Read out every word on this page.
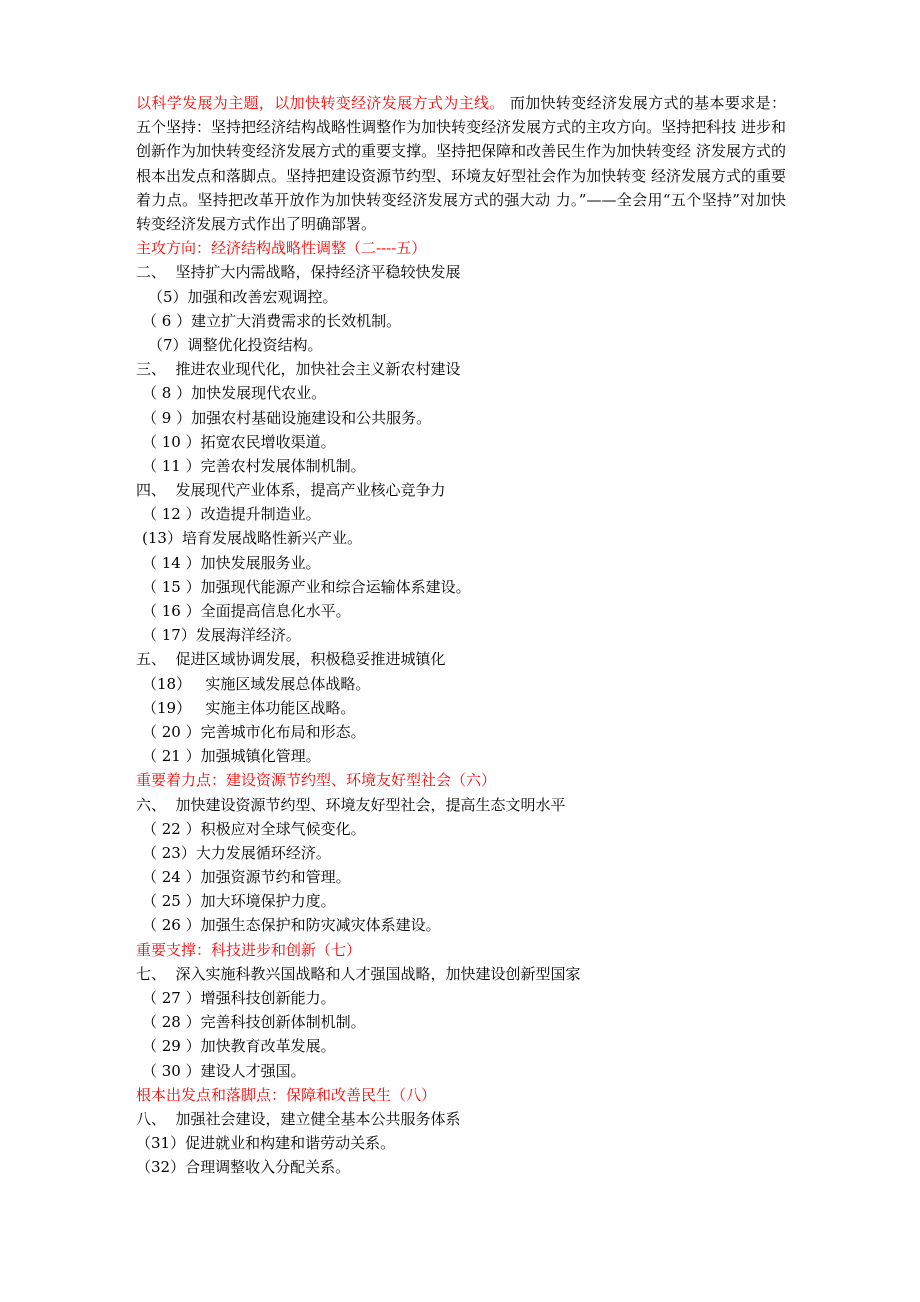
以科学发展为主题，以加快转变经济发展方式为主线。 而加快转变经济发展方式的基本要求是： 五个坚持：坚持把经济结构战略性调整作为加快转变经济发展方式的主攻方向。坚持把科技 进步和创新作为加快转变经济发展方式的重要支撑。坚持把保障和改善民生作为加快转变经 济发展方式的根本出发点和落脚点。坚持把建设资源节约型、环境友好型社会作为加快转变 经济发展方式的重要着力点。坚持把改革开放作为加快转变经济发展方式的强大动 力。”——全会用“五个坚持”对加快转变经济发展方式作出了明确部署。

主攻方向：经济结构战略性调整（二----五）
二、  坚持扩大内需战略，保持经济平稳较快发展
（5）加强和改善宏观调控。
（ 6 ）建立扩大消费需求的长效机制。
（7）调整优化投资结构。
三、  推进农业现代化，加快社会主义新农村建设
（ 8 ）加快发展现代农业。
（ 9 ）加强农村基础设施建设和公共服务。
（ 10 ）拓宽农民增收渠道。
（ 11 ）完善农村发展体制机制。
四、  发展现代产业体系，提高产业核心竞争力
（ 12 ）改造提升制造业。
(13）培育发展战略性新兴产业。
（ 14 ）加快发展服务业。
（ 15 ）加强现代能源产业和综合运输体系建设。
（ 16 ）全面提高信息化水平。
（ 17）发展海洋经济。
五、  促进区域协调发展，积极稳妥推进城镇化
（18）   实施区域发展总体战略。
（19）   实施主体功能区战略。
（ 20 ）完善城市化布局和形态。
（ 21 ）加强城镇化管理。
重要着力点：建设资源节约型、环境友好型社会（六）
六、  加快建设资源节约型、环境友好型社会，提高生态文明水平
（ 22 ）积极应对全球气候变化。
（ 23）大力发展循环经济。
（ 24 ）加强资源节约和管理。
（ 25 ）加大环境保护力度。
（ 26 ）加强生态保护和防灾减灾体系建设。
重要支撑：科技进步和创新（七）
七、  深入实施科教兴国战略和人才强国战略，加快建设创新型国家
（ 27 ）增强科技创新能力。
（ 28 ）完善科技创新体制机制。
（ 29 ）加快教育改革发展。
（ 30 ）建设人才强国。
根本出发点和落脚点：保障和改善民生（八）
八、  加强社会建设，建立健全基本公共服务体系
（31）促进就业和构建和谐劳动关系。
（32）合理调整收入分配关系。
